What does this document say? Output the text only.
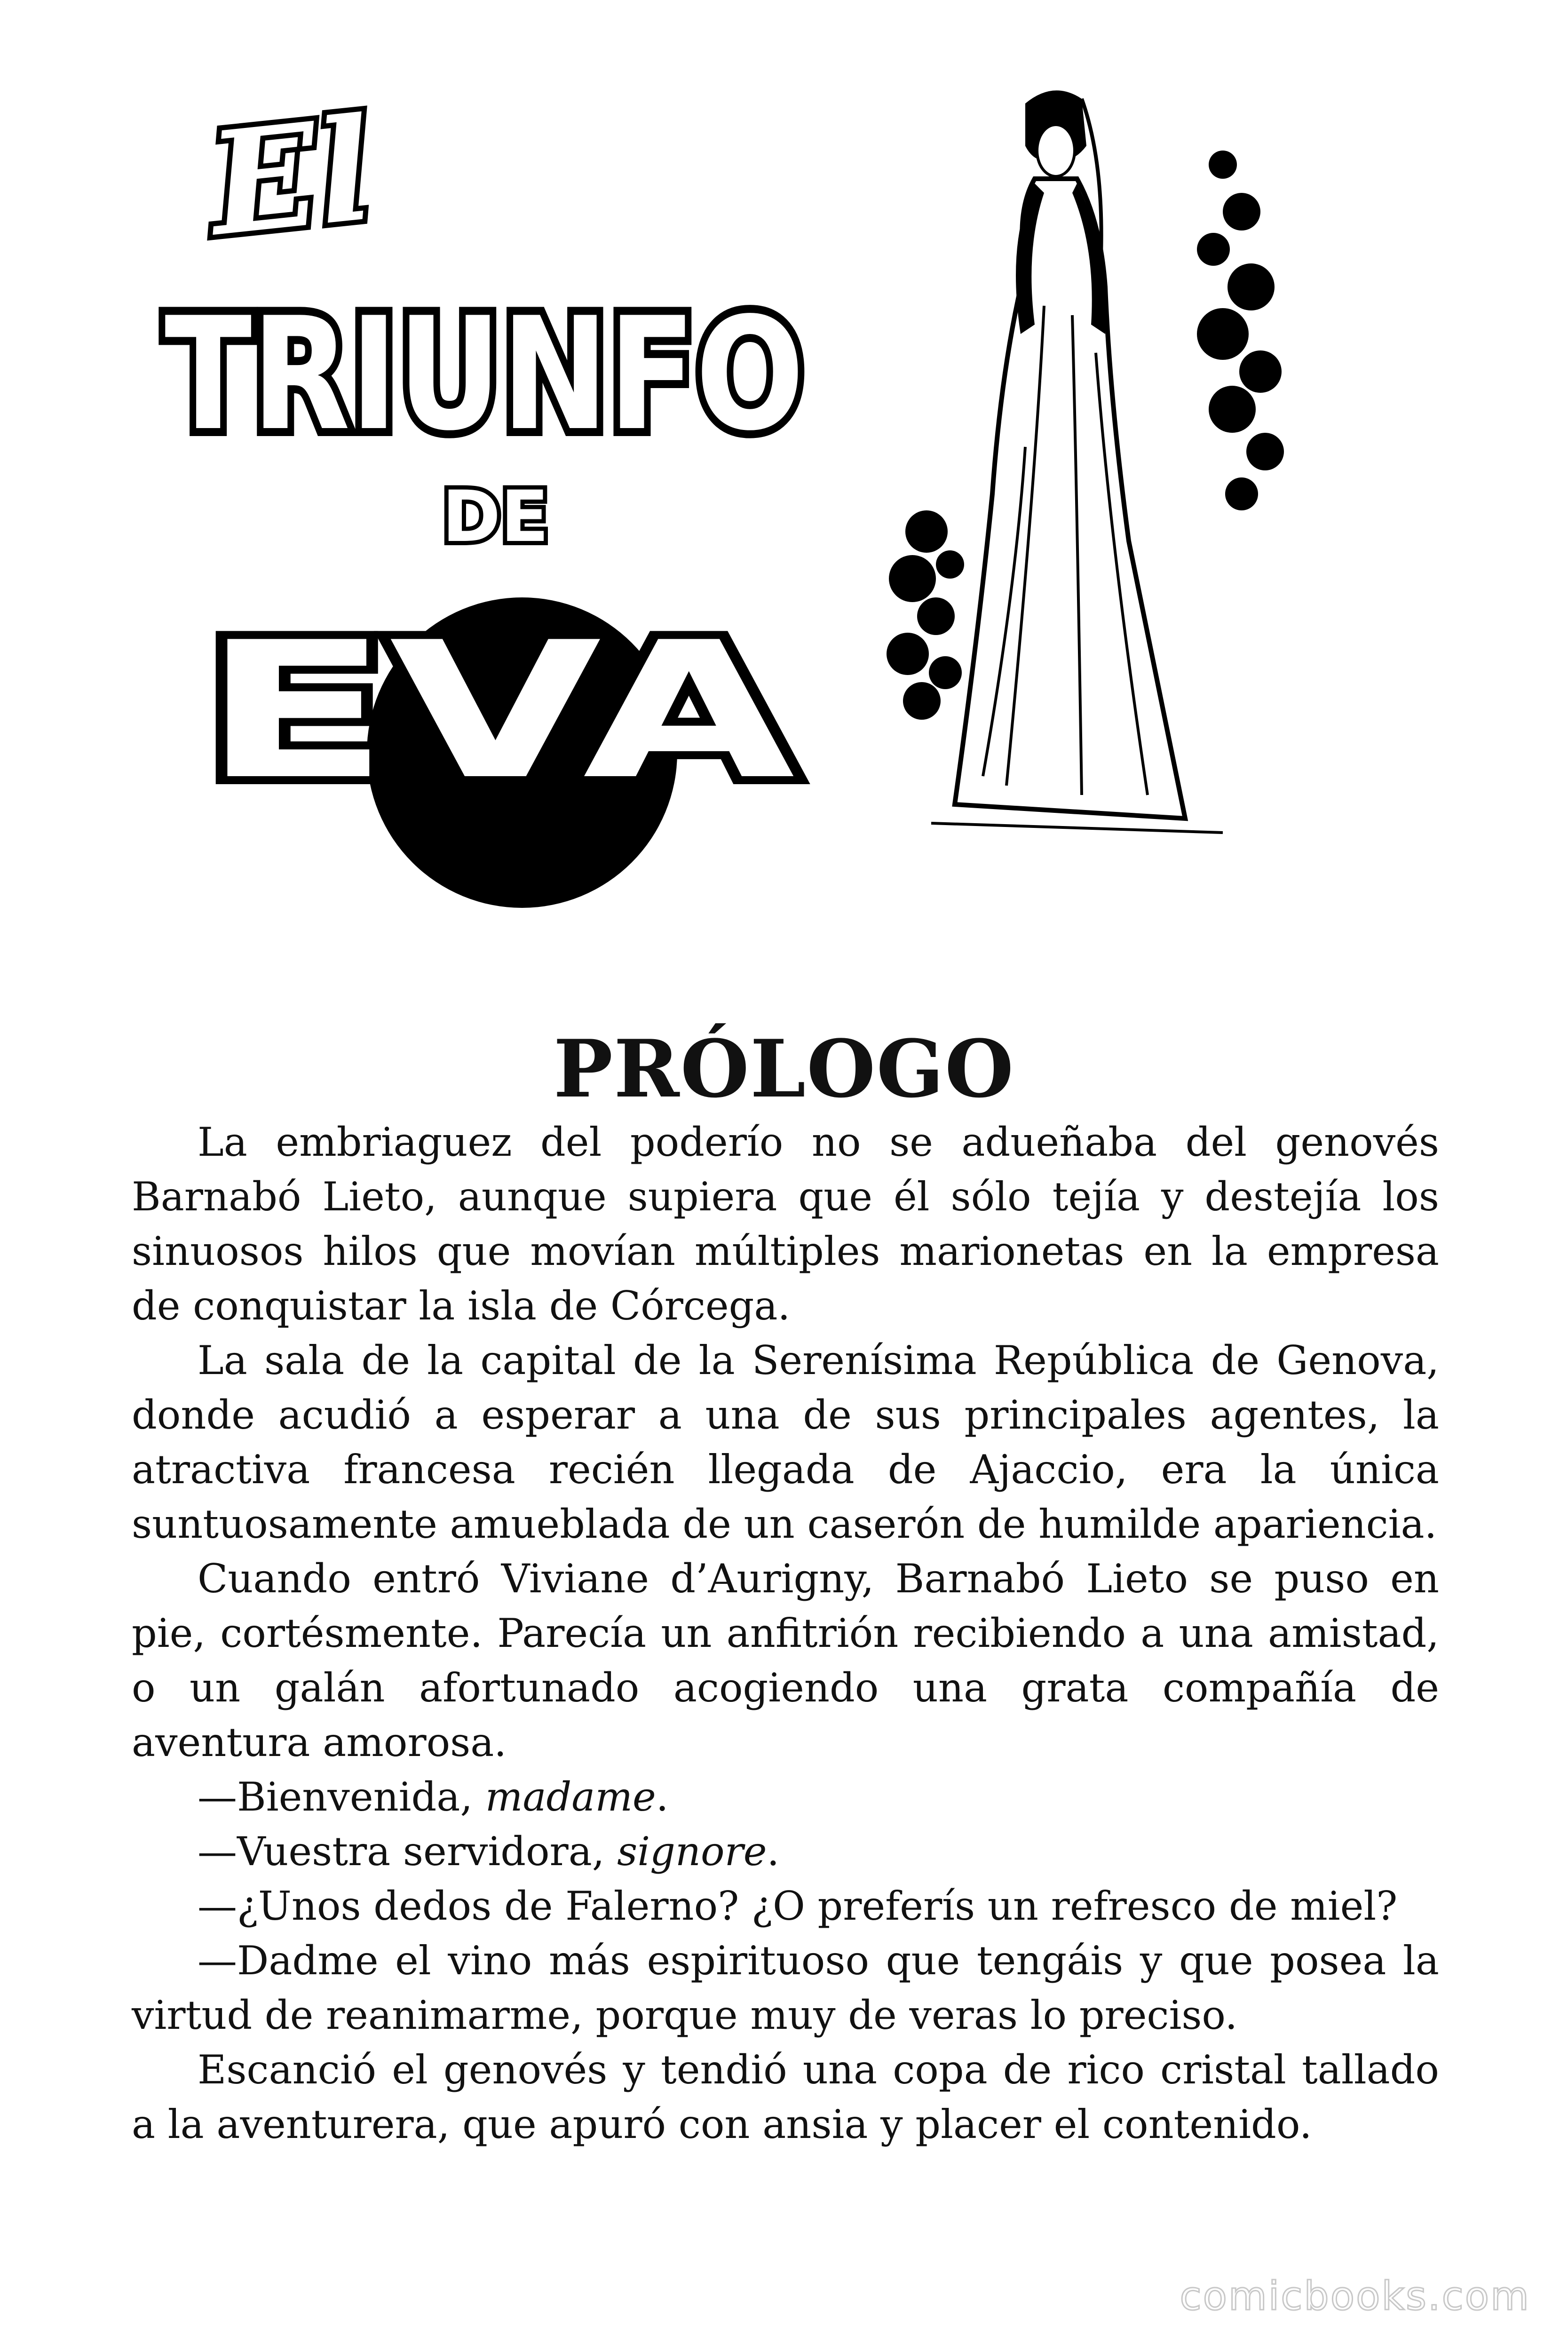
El
TRIUNFO
DE
EVA
PRÓLOGO

La embriaguez del poderío no se adueñaba del genovés Barnabó Lieto, aunque supiera que él sólo tejía y destejía los sinuosos hilos que movían múltiples marionetas en la empresa de conquistar la isla de Córcega.

La sala de la capital de la Serenísima República de Genova, donde acudió a esperar a una de sus principales agentes, la atractiva francesa recién llegada de Ajaccio, era la única suntuosamente amueblada de un caserón de humilde apariencia.

Cuando entró Viviane d’Aurigny, Barnabó Lieto se puso en pie, cortésmente. Parecía un anfitrión recibiendo a una amistad, o un galán afortunado acogiendo una grata compañía de aventura amorosa.

—Bienvenida, madame.

—Vuestra servidora, signore.

—¿Unos dedos de Falerno? ¿O preferís un refresco de miel?

—Dadme el vino más espirituoso que tengáis y que posea la virtud de reanimarme, porque muy de veras lo preciso.

Escanció el genovés y tendió una copa de rico cristal tallado a la aventurera, que apuró con ansia y placer el contenido.

comicbooks.com
